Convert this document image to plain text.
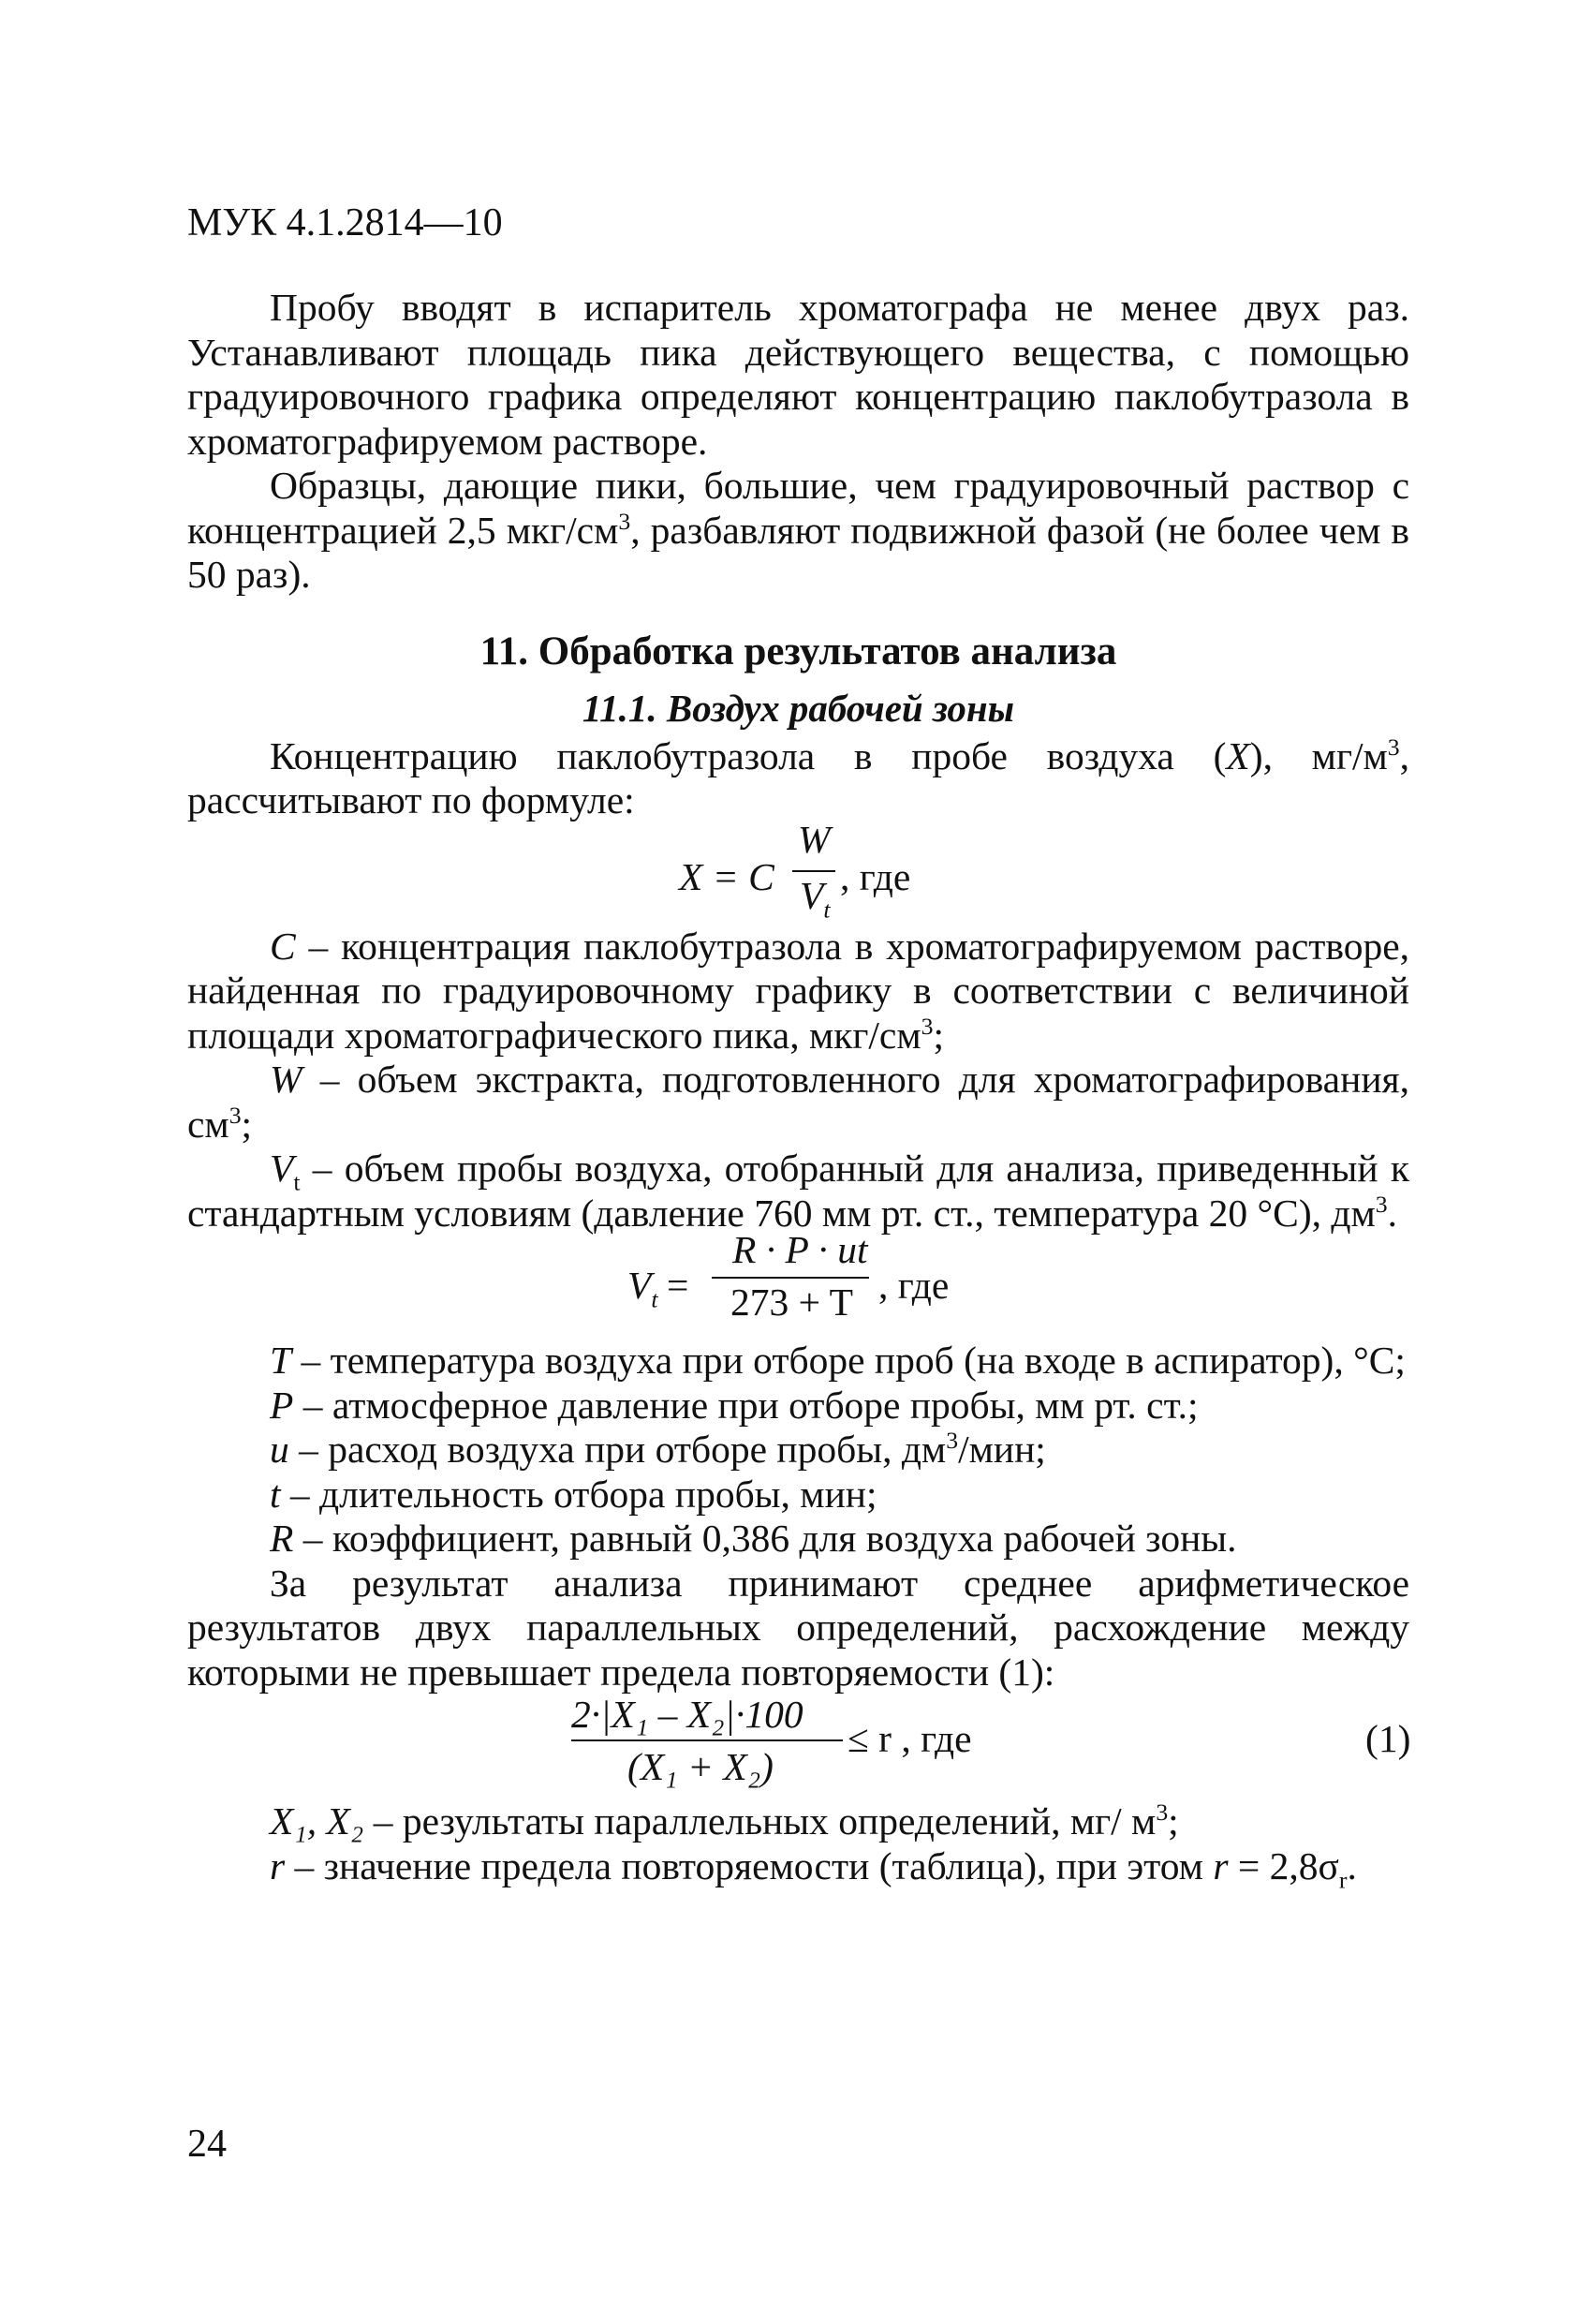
МУК 4.1.2814—10

Пробу вводят в испаритель хроматографа не менее двух раз. Устанавливают площадь пика действующего вещества, с помощью градуировочного графика определяют концентрацию паклобутразола в хроматографируемом растворе.

Образцы, дающие пики, большие, чем градуировочный раствор с концентрацией 2,5 мкг/$см^3$, разбавляют подвижной фазой (не более чем в 50 раз).

11. Обработка результатов анализа
11.1. Воздух рабочей зоны

Концентрацию паклобутразола в пробе воздуха (X), $мг/м^3$, рассчитывают по формуле:

X = C
W
$V_t$
, где

C – концентрация паклобутразола в хроматографируемом растворе, найденная по градуировочному графику в соответствии с величиной площади хроматографического пика, мкг/$см^3$;

W – объем экстракта, подготовленного для хроматографирования, $см^3$;

$V_t$ – объем пробы воздуха, отобранный для анализа, приведенный к стандартным условиям (давление 760 мм рт. ст., температура 20 °С), $дм^3$.

$V_t$ =
R · P · ut
273 + T , где

T – температура воздуха при отборе проб (на входе в аспиратор), °С;

P – атмосферное давление при отборе пробы, мм рт. ст.;

u – расход воздуха при отборе пробы, $дм^3$/мин;

t – длительность отбора пробы, мин;

R – коэффициент, равный 0,386 для воздуха рабочей зоны.

За результат анализа принимают среднее арифметическое результатов двух параллельных определений, расхождение между которыми не превышает предела повторяемости (1):

2·|X₁ – X₂|·100
(X₁ + X₂)
≤ r , где	(1)

X₁, X₂ – результаты параллельных определений, мг/ $м^3$;

r – значение предела повторяемости (таблица), при этом $r = 2,8\sigma_r$.

24
